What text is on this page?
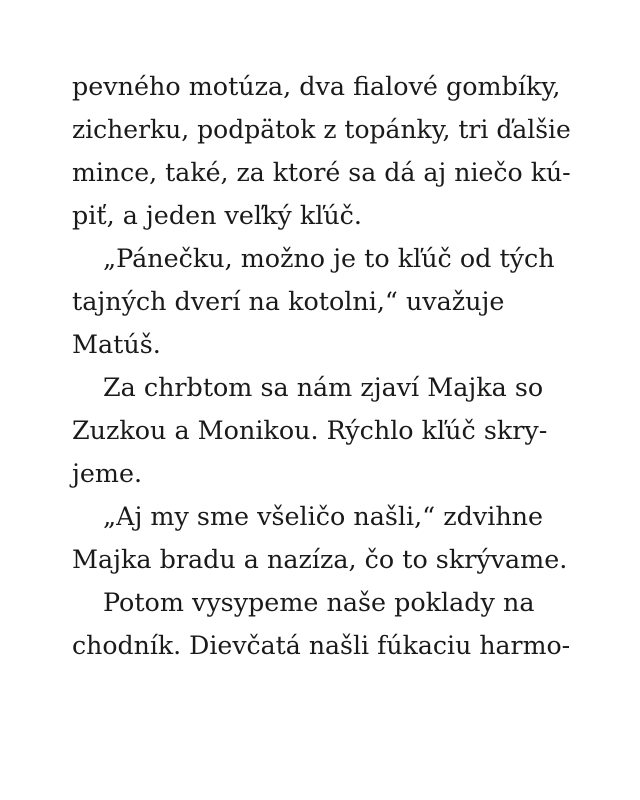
pevného motúza, dva fialové gombíky,
zicherku, podpätok z topánky, tri ďalšie
mince, také, za ktoré sa dá aj niečo kú-
piť, a jeden veľký kľúč.
„Pánečku, možno je to kľúč od tých
tajných dverí na kotolni,“ uvažuje
Matúš.
Za chrbtom sa nám zjaví Majka so
Zuzkou a Monikou. Rýchlo kľúč skry-
jeme.
„Aj my sme všeličo našli,“ zdvihne
Majka bradu a nazíza, čo to skrývame.
Potom vysypeme naše poklady na
chodník. Dievčatá našli fúkaciu harmo-
